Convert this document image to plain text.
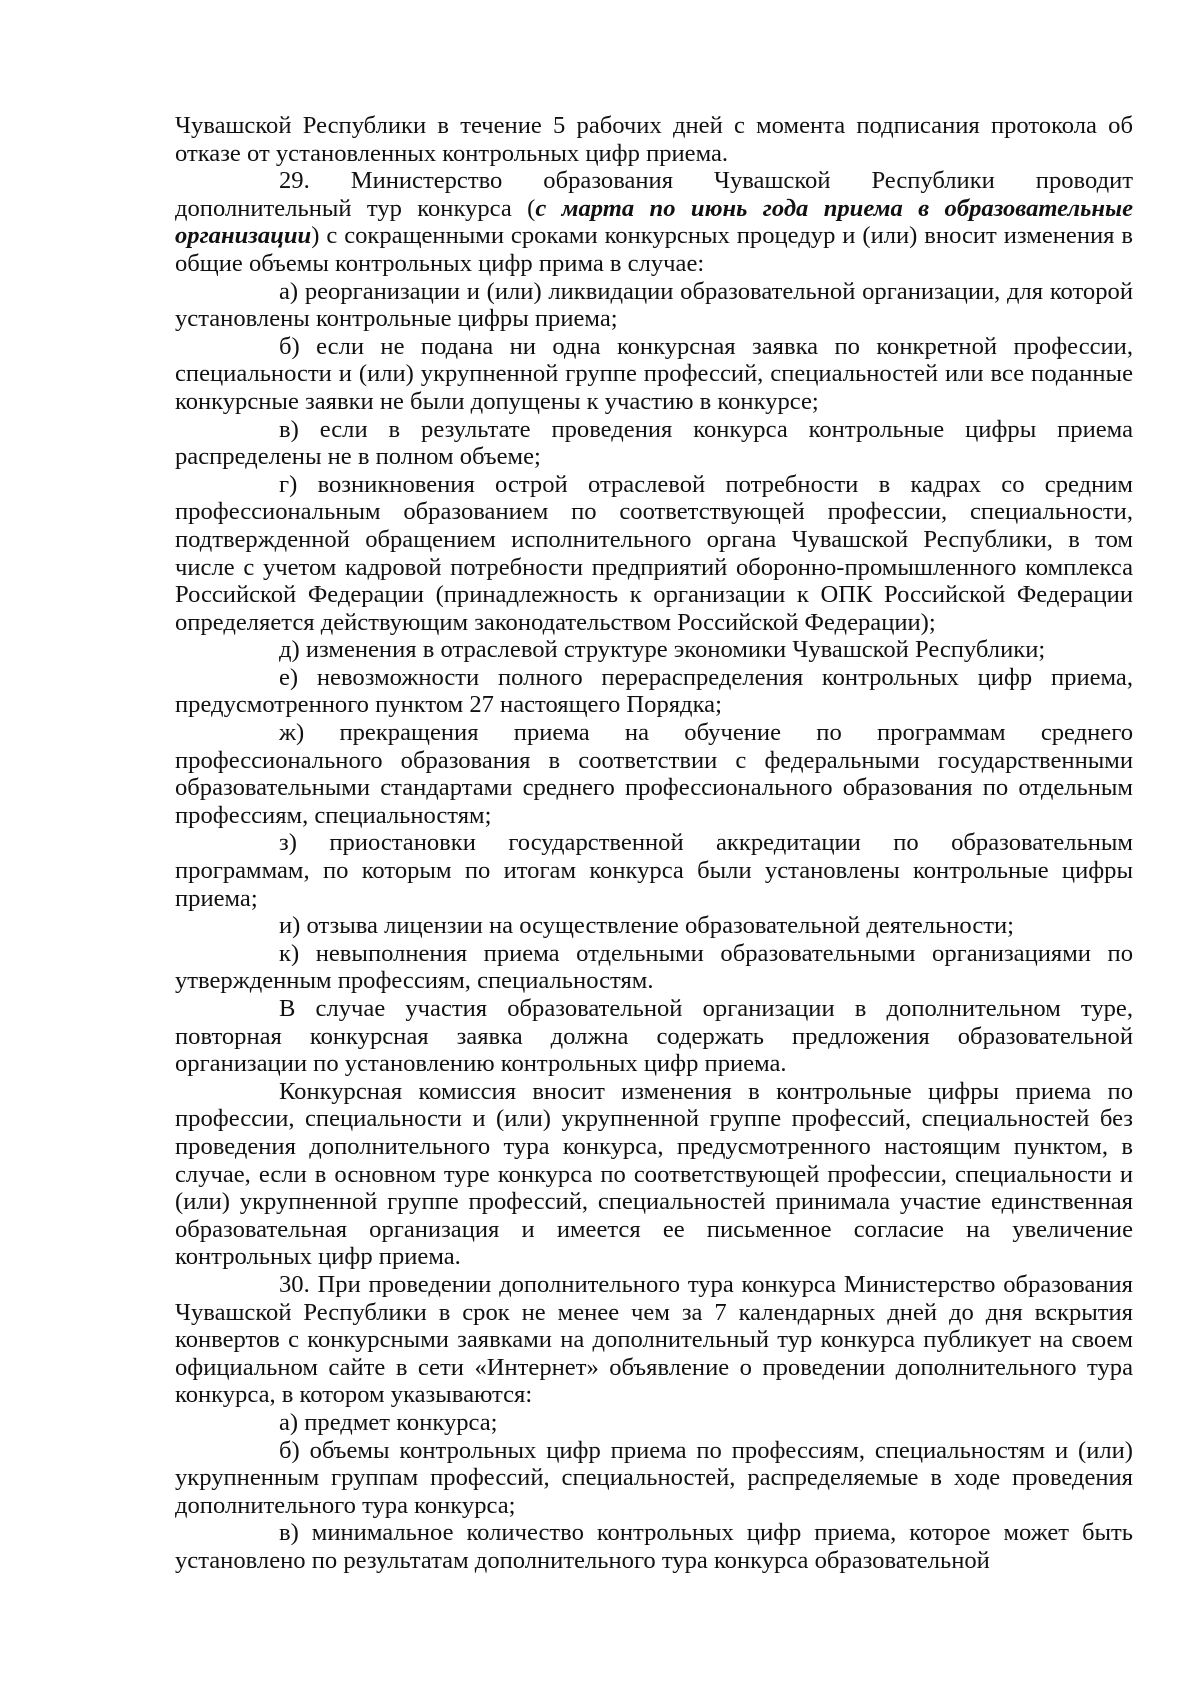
Чувашской Республики в течение 5 рабочих дней с момента подписания протокола об отказе от установленных контрольных цифр приема.

29. Министерство образования Чувашской Республики проводит дополнительный тур конкурса (с марта по июнь года приема в образовательные организации) с сокращенными сроками конкурсных процедур и (или) вносит изменения в общие объемы контрольных цифр прима в случае:

а) реорганизации и (или) ликвидации образовательной организации, для которой установлены контрольные цифры приема;

б) если не подана ни одна конкурсная заявка по конкретной профессии, специальности и (или) укрупненной группе профессий, специальностей или все поданные конкурсные заявки не были допущены к участию в конкурсе;

в) если в результате проведения конкурса контрольные цифры приема распределены не в полном объеме;

г) возникновения острой отраслевой потребности в кадрах со средним профессиональным образованием по соответствующей профессии, специальности, подтвержденной обращением исполнительного органа Чувашской Республики, в том числе с учетом кадровой потребности предприятий оборонно-промышленного комплекса Российской Федерации (принадлежность к организации к ОПК Российской Федерации определяется действующим законодательством Российской Федерации);

д) изменения в отраслевой структуре экономики Чувашской Республики;

е) невозможности полного перераспределения контрольных цифр приема, предусмотренного пунктом 27 настоящего Порядка;

ж) прекращения приема на обучение по программам среднего профессионального образования в соответствии с федеральными государственными образовательными стандартами среднего профессионального образования по отдельным профессиям, специальностям;

з) приостановки государственной аккредитации по образовательным программам, по которым по итогам конкурса были установлены контрольные цифры приема;

и) отзыва лицензии на осуществление образовательной деятельности;

к) невыполнения приема отдельными образовательными организациями по утвержденным профессиям, специальностям.

В случае участия образовательной организации в дополнительном туре, повторная конкурсная заявка должна содержать предложения образовательной организации по установлению контрольных цифр приема.

Конкурсная комиссия вносит изменения в контрольные цифры приема по профессии, специальности и (или) укрупненной группе профессий, специальностей без проведения дополнительного тура конкурса, предусмотренного настоящим пунктом, в случае, если в основном туре конкурса по соответствующей профессии, специальности и (или) укрупненной группе профессий, специальностей принимала участие единственная образовательная организация и имеется ее письменное согласие на увеличение контрольных цифр приема.

30. При проведении дополнительного тура конкурса Министерство образования Чувашской Республики в срок не менее чем за 7 календарных дней до дня вскрытия конвертов с конкурсными заявками на дополнительный тур конкурса публикует на своем официальном сайте в сети «Интернет» объявление о проведении дополнительного тура конкурса, в котором указываются:

а) предмет конкурса;

б) объемы контрольных цифр приема по профессиям, специальностям и (или) укрупненным группам профессий, специальностей, распределяемые в ходе проведения дополнительного тура конкурса;

в) минимальное количество контрольных цифр приема, которое может быть установлено по результатам дополнительного тура конкурса образовательной
